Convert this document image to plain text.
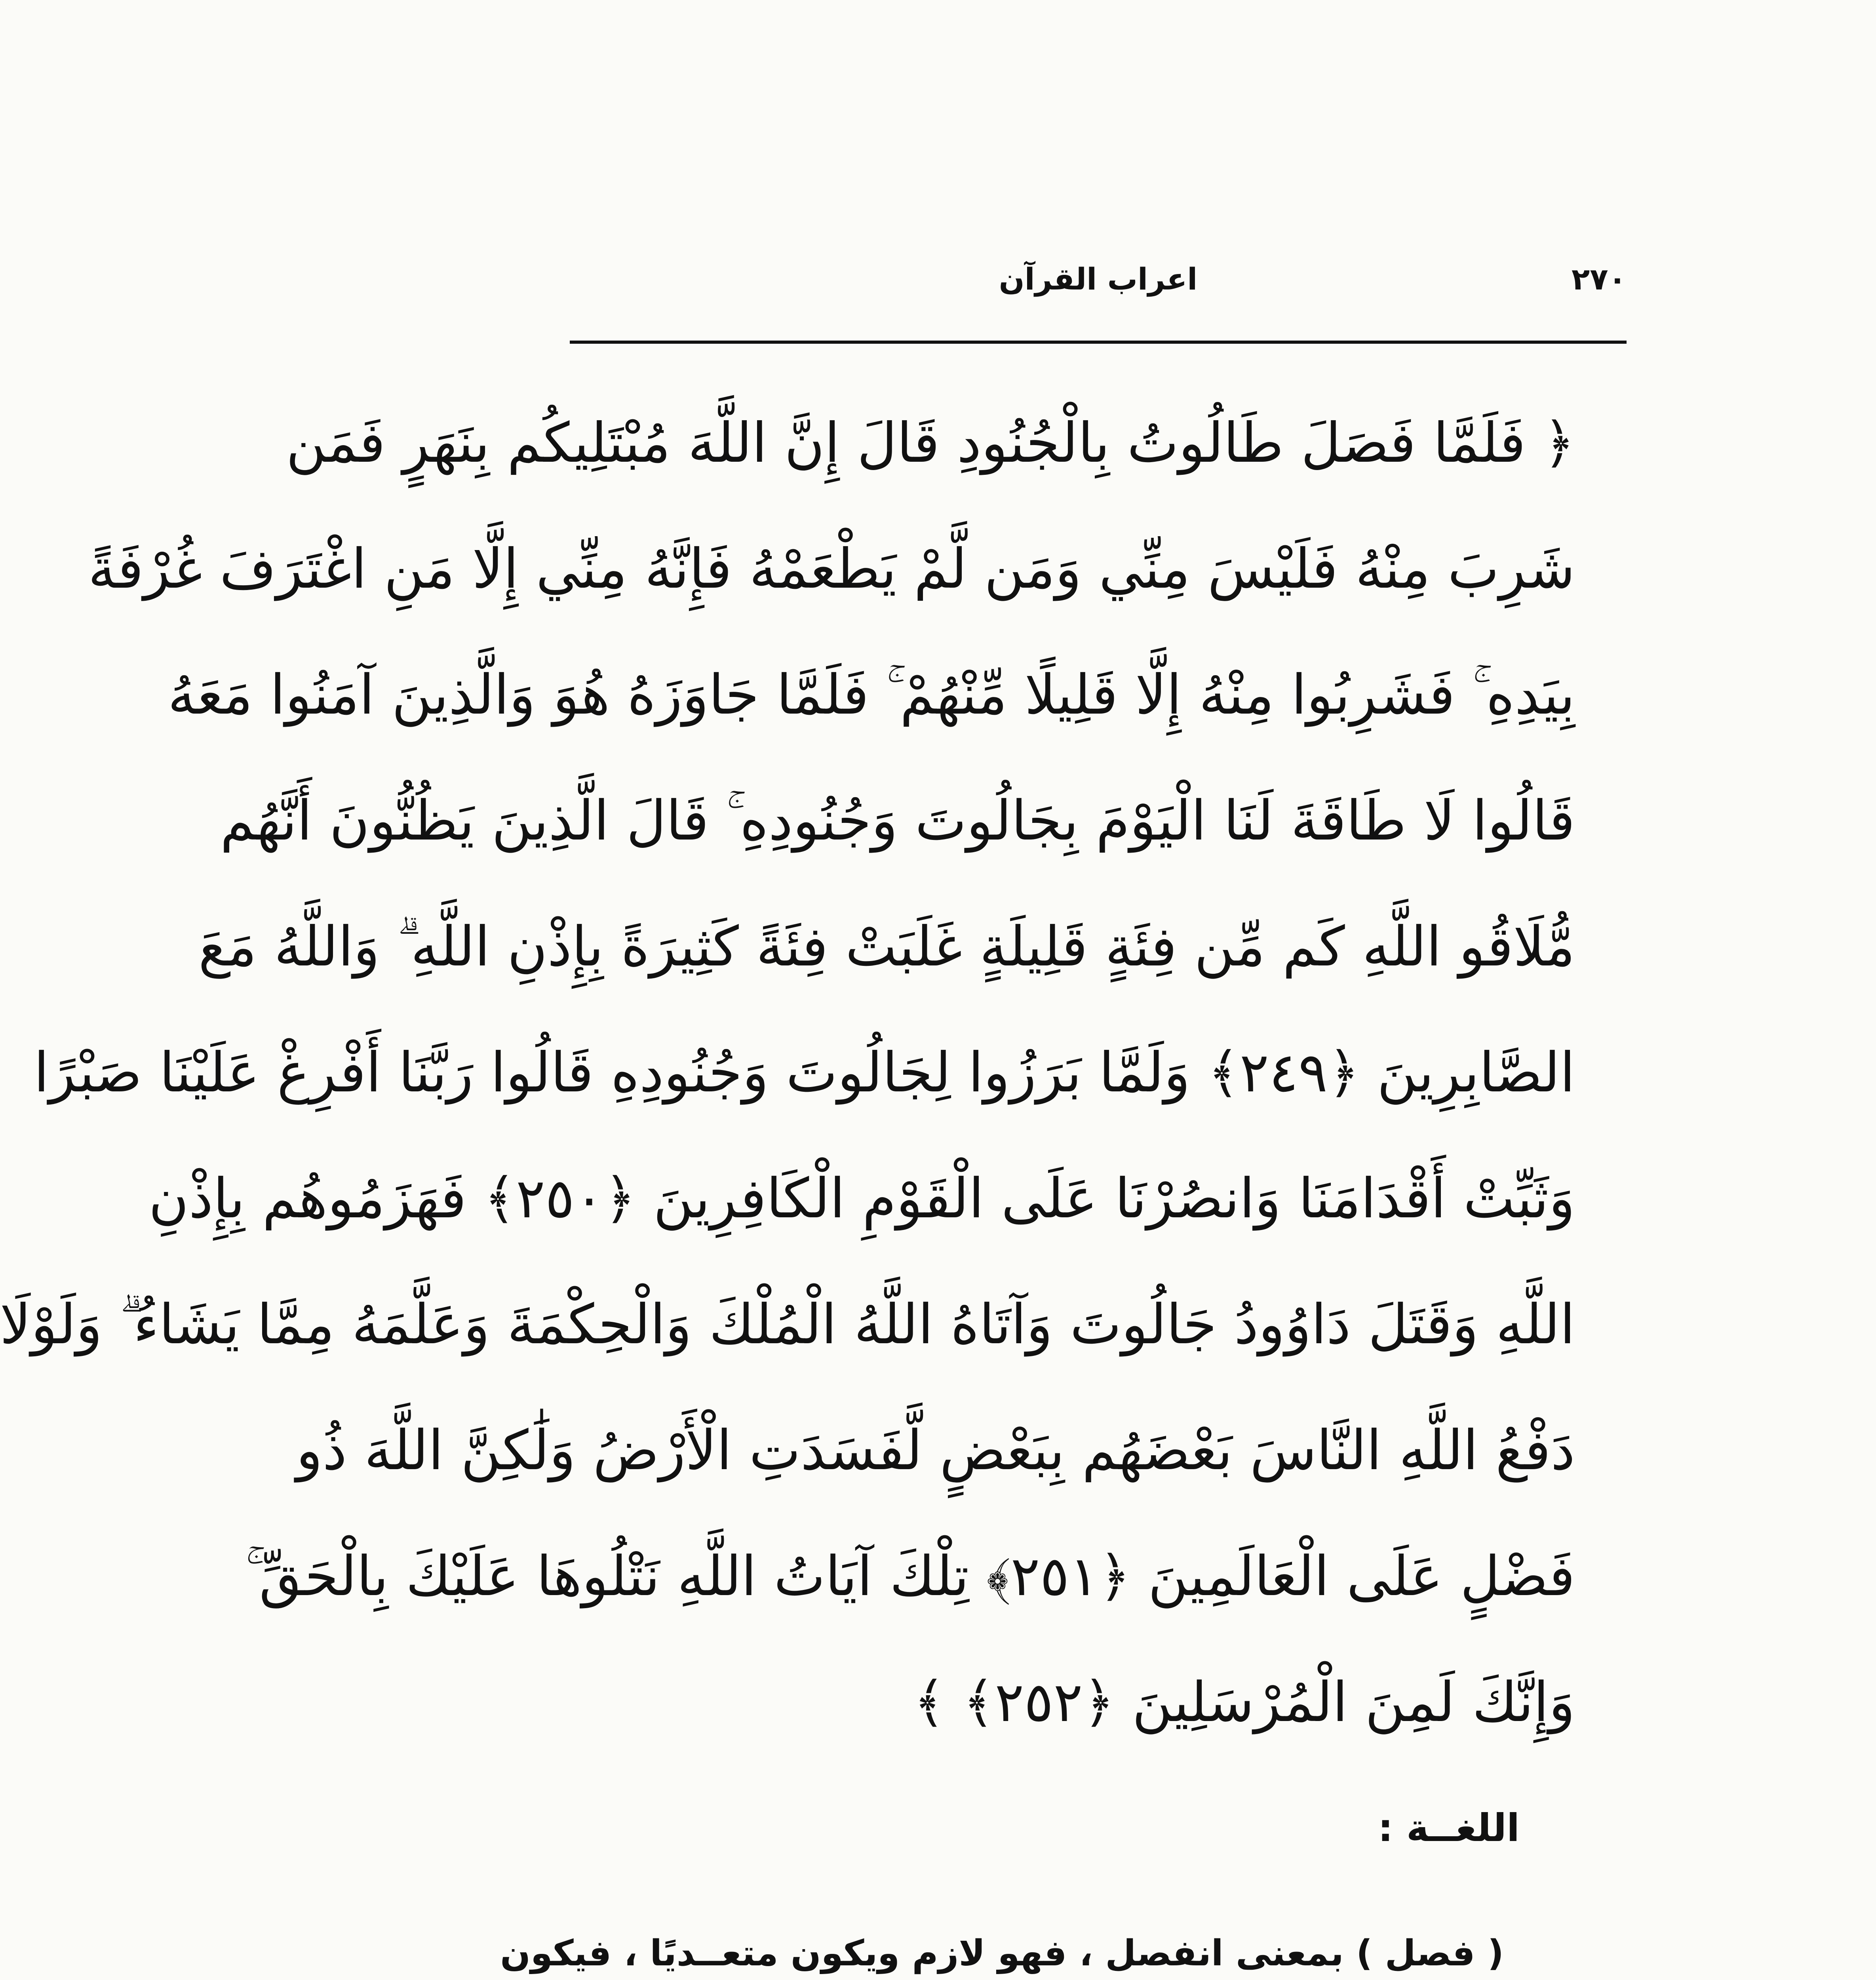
٢٧٠
اعراب القرآن
﴿ فَلَمَّا فَصَلَ طَالُوتُ بِالْجُنُودِ قَالَ إِنَّ اللَّهَ مُبْتَلِيكُم بِنَهَرٍ فَمَن
شَرِبَ مِنْهُ فَلَيْسَ مِنِّي وَمَن لَّمْ يَطْعَمْهُ فَإِنَّهُ مِنِّي إِلَّا مَنِ اغْتَرَفَ غُرْفَةً
بِيَدِهِ ۚ فَشَرِبُوا مِنْهُ إِلَّا قَلِيلًا مِّنْهُمْ ۚ فَلَمَّا جَاوَزَهُ هُوَ وَالَّذِينَ آمَنُوا مَعَهُ
قَالُوا لَا طَاقَةَ لَنَا الْيَوْمَ بِجَالُوتَ وَجُنُودِهِ ۚ قَالَ الَّذِينَ يَظُنُّونَ أَنَّهُم
مُّلَاقُو اللَّهِ كَم مِّن فِئَةٍ قَلِيلَةٍ غَلَبَتْ فِئَةً كَثِيرَةً بِإِذْنِ اللَّهِ ۗ وَاللَّهُ مَعَ
الصَّابِرِينَ ﴿٢٤٩﴾ وَلَمَّا بَرَزُوا لِجَالُوتَ وَجُنُودِهِ قَالُوا رَبَّنَا أَفْرِغْ عَلَيْنَا صَبْرًا
وَثَبِّتْ أَقْدَامَنَا وَانصُرْنَا عَلَى الْقَوْمِ الْكَافِرِينَ ﴿٢٥٠﴾ فَهَزَمُوهُم بِإِذْنِ
اللَّهِ وَقَتَلَ دَاوُودُ جَالُوتَ وَآتَاهُ اللَّهُ الْمُلْكَ وَالْحِكْمَةَ وَعَلَّمَهُ مِمَّا يَشَاءُ ۗ وَلَوْلَا
دَفْعُ اللَّهِ النَّاسَ بَعْضَهُم بِبَعْضٍ لَّفَسَدَتِ الْأَرْضُ وَلَٰكِنَّ اللَّهَ ذُو
فَضْلٍ عَلَى الْعَالَمِينَ ﴿٢٥١﴾ تِلْكَ آيَاتُ اللَّهِ نَتْلُوهَا عَلَيْكَ بِالْحَقِّ ۚ
وَإِنَّكَ لَمِنَ الْمُرْسَلِينَ ﴿٢٥٢﴾ ﴾
اللغــة :
( فصل ) بمعنى انفصل ، فهو لازم ويكون متعــديًا ، فيكون
